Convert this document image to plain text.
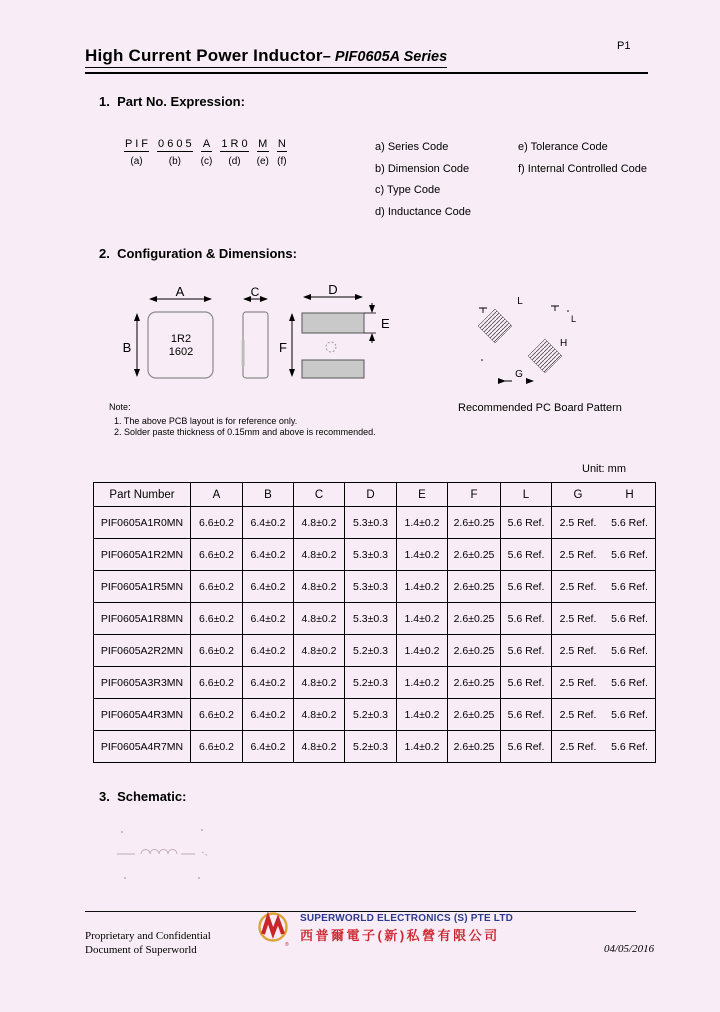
High Current Power Inductor– PIF0605A Series
P1
1.  Part No. Expression:
P I F
(a)
0 6 0 5
(b)
A
(c)
1 R 0
(d)
M
(e)
N
(f)
a) Series Code
b) Dimension Code
c) Type Code
d) Inductance Code
e) Tolerance Code
f) Internal Controlled Code
2.  Configuration & Dimensions:
A
B
1R2
1602
C	D
F
E
L
L
H
G
Note:
1. The above PCB layout is for reference only.
2. Solder paste thickness of 0.15mm and above is recommended.
Recommended PC Board Pattern
Unit: mm
Part Number	A	B	C	D	E	F	L	G	H
PIF0605A1R0MN	6.6±0.2	6.4±0.2	4.8±0.2	5.3±0.3	1.4±0.2	2.6±0.25	5.6 Ref.	2.5 Ref.	5.6 Ref.
PIF0605A1R2MN	6.6±0.2	6.4±0.2	4.8±0.2	5.3±0.3	1.4±0.2	2.6±0.25	5.6 Ref.	2.5 Ref.	5.6 Ref.
PIF0605A1R5MN	6.6±0.2	6.4±0.2	4.8±0.2	5.3±0.3	1.4±0.2	2.6±0.25	5.6 Ref.	2.5 Ref.	5.6 Ref.
PIF0605A1R8MN	6.6±0.2	6.4±0.2	4.8±0.2	5.3±0.3	1.4±0.2	2.6±0.25	5.6 Ref.	2.5 Ref.	5.6 Ref.
PIF0605A2R2MN	6.6±0.2	6.4±0.2	4.8±0.2	5.2±0.3	1.4±0.2	2.6±0.25	5.6 Ref.	2.5 Ref.	5.6 Ref.
PIF0605A3R3MN	6.6±0.2	6.4±0.2	4.8±0.2	5.2±0.3	1.4±0.2	2.6±0.25	5.6 Ref.	2.5 Ref.	5.6 Ref.
PIF0605A4R3MN	6.6±0.2	6.4±0.2	4.8±0.2	5.2±0.3	1.4±0.2	2.6±0.25	5.6 Ref.	2.5 Ref.	5.6 Ref.
PIF0605A4R7MN	6.6±0.2	6.4±0.2	4.8±0.2	5.2±0.3	1.4±0.2	2.6±0.25	5.6 Ref.	2.5 Ref.	5.6 Ref.
3.  Schematic:
Proprietary and Confidential
Document of Superworld	®
SUPERWORLD ELECTRONICS (S) PTE LTD
西普爾電子(新)私營有限公司
04/05/2016
